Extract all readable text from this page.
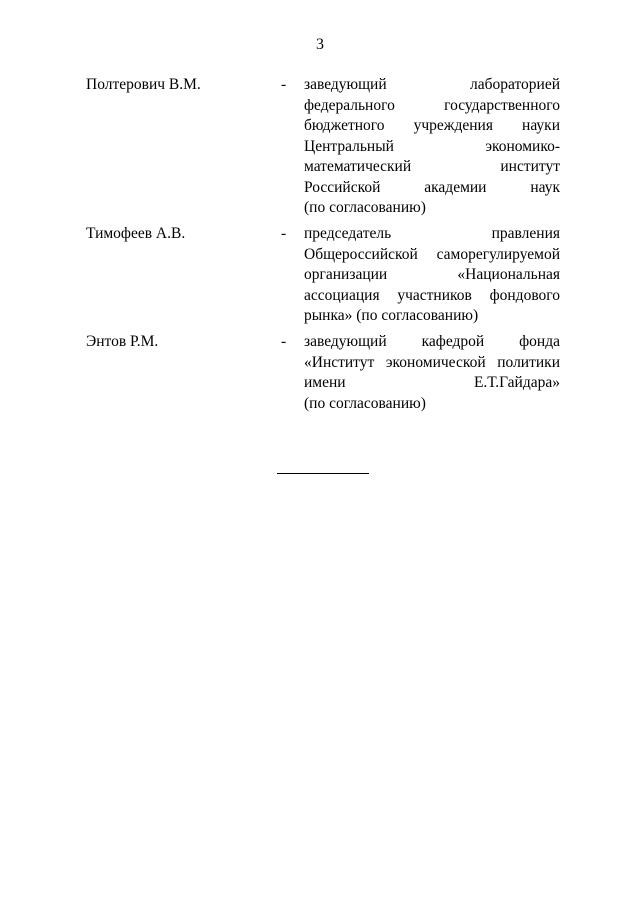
3
Полтерович В.М.	- заведующий лабораторией
федерального государственного
бюджетного учреждения науки
Центральный экономико-
математический институт
Российской академии наук
(по согласованию)
Тимофеев А.В.	- председатель правления
Общероссийской саморегулируемой
организации «Национальная
ассоциация участников фондового
рынка» (по согласованию)
Энтов Р.М.	- заведующий кафедрой фонда
«Институт экономической политики
имени Е.Т.Гайдара»
(по согласованию)
